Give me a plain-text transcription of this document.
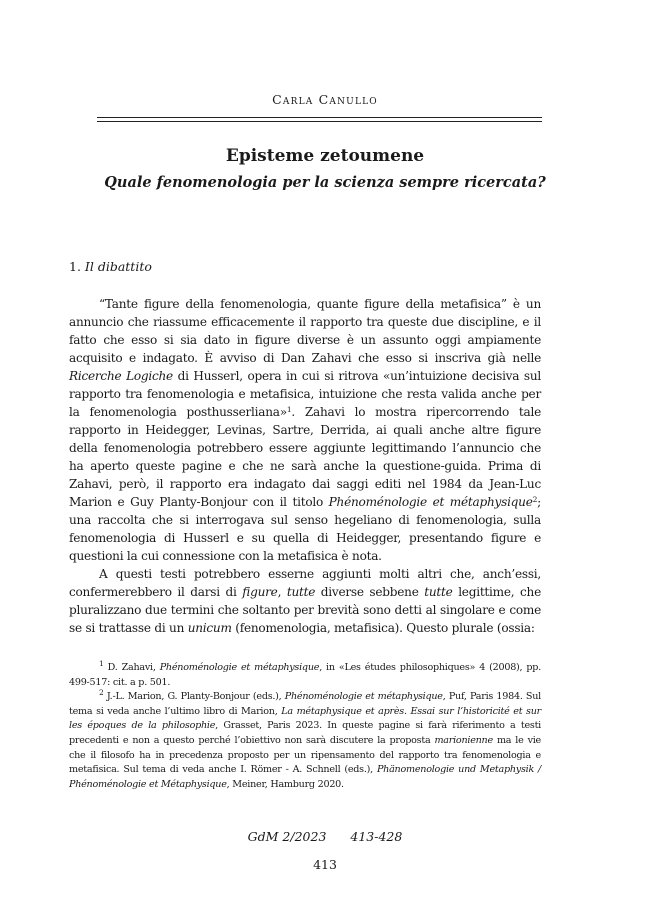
Carla Canullo
Episteme zetoumene
Quale fenomenologia per la scienza sempre ricercata?
1. Il dibattito

“Tante figure della fenomenologia, quante figure della metafisica” è un annuncio che riassume efficacemente il rapporto tra queste due discipline, e il fatto che esso si sia dato in figure diverse è un assunto oggi ampiamente acquisito e indagato. È avviso di Dan Zahavi che esso si inscriva già nelle Ricerche Logiche di Husserl, opera in cui si ritrova «un’intuizione decisiva sul rapporto tra fenomenologia e metafisica, intuizione che resta valida anche per la fenomenologia posthusserliana»$^1$. Zahavi lo mostra ripercorrendo tale rapporto in Heidegger, Levinas, Sartre, Derrida, ai quali anche altre figure della fenomenologia potrebbero essere aggiunte legittimando l’annuncio che ha aperto queste pagine e che ne sarà anche la questione-guida. Prima di Zahavi, però, il rapporto era indagato dai saggi editi nel 1984 da Jean-Luc Marion e Guy Planty-Bonjour con il titolo Phénoménologie et métaphysique$^2$; una raccolta che si interrogava sul senso hegeliano di fenomenologia, sulla fenomenologia di Husserl e su quella di Heidegger, presentando figure e questioni la cui connessione con la metafisica è nota.

A questi testi potrebbero esserne aggiunti molti altri che, anch’essi, confermerebbero il darsi di figure, tutte diverse sebbene tutte legittime, che pluralizzano due termini che soltanto per brevità sono detti al singolare e come se si trattasse di un unicum (fenomenologia, metafisica). Questo plurale (ossia:

$^1$ D. Zahavi, Phénoménologie et métaphysique, in «Les études philosophiques» 4 (2008), pp. 499-517: cit. a p. 501.

$^2$ J.-L. Marion, G. Planty-Bonjour (eds.), Phénoménologie et métaphysique, Puf, Paris 1984. Sul tema si veda anche l’ultimo libro di Marion, La métaphysique et après. Essai sur l’historicité et sur les époques de la philosophie, Grasset, Paris 2023. In queste pagine si farà riferimento a testi precedenti e non a questo perché l’obiettivo non sarà discutere la proposta marionienne ma le vie che il filosofo ha in precedenza proposto per un ripensamento del rapporto tra fenomenologia e metafisica. Sul tema di veda anche I. Römer - A. Schnell (eds.), Phänomenologie und Metaphysik / Phénoménologie et Métaphysique, Meiner, Hamburg 2020.

GdM 2/2023 413-428
413
